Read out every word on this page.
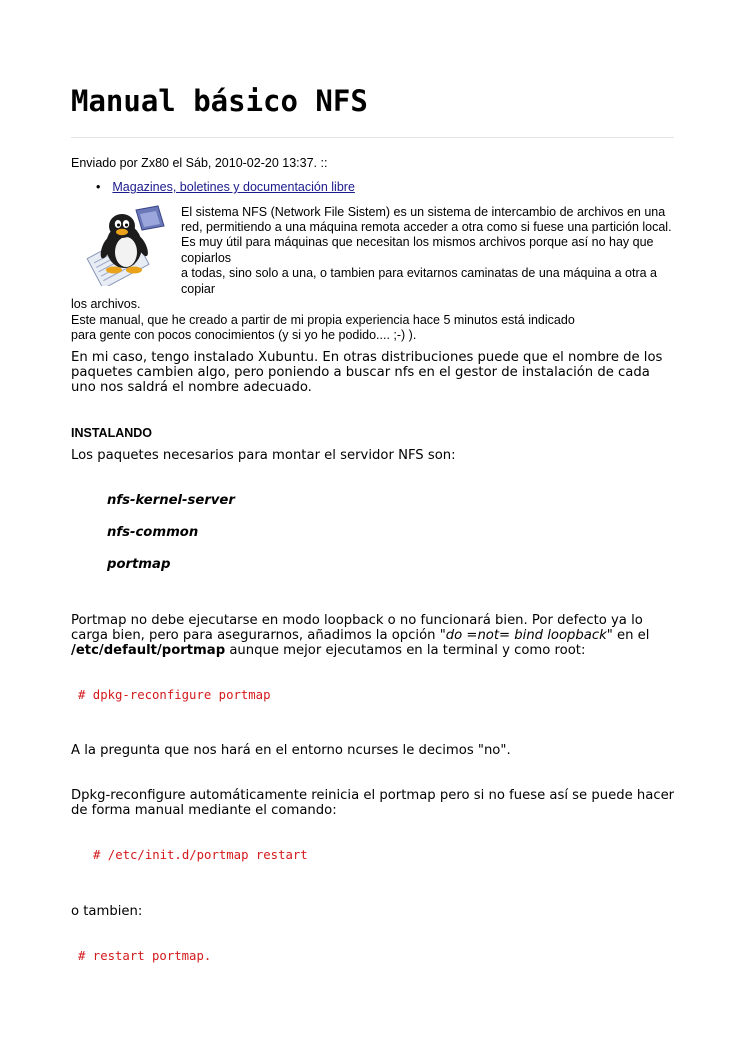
Manual básico NFS
Enviado por Zx80 el Sáb, 2010-02-20 13:37. ::
• Magazines, boletines y documentación libre
El sistema NFS (Network File Sistem) es un sistema de intercambio de archivos en una
red, permitiendo a una máquina remota acceder a otra como si fuese una partición local.
Es muy útil para máquinas que necesitan los mismos archivos porque así no hay que
copiarlos
a todas, sino solo a una, o tambien para evitarnos caminatas de una máquina a otra a
copiar
los archivos.
Este manual, que he creado a partir de mi propia experiencia hace 5 minutos está indicado
para gente con pocos conocimientos (y si yo he podido.... ;-) ).
En mi caso, tengo instalado Xubuntu. En otras distribuciones puede que el nombre de los paquetes cambien algo, pero poniendo a buscar nfs en el gestor de instalación de cada uno nos saldrá el nombre adecuado.
INSTALANDO
Los paquetes necesarios para montar el servidor NFS son:
nfs-kernel-server
nfs-common
portmap
Portmap no debe ejecutarse en modo loopback o no funcionará bien. Por defecto ya lo carga bien, pero para asegurarnos, añadimos la opción "do =not= bind loopback" en el /etc/default/portmap aunque mejor ejecutamos en la terminal y como root:
# dpkg-reconfigure portmap
A la pregunta que nos hará en el entorno ncurses le decimos "no".
Dpkg-reconfigure automáticamente reinicia el portmap pero si no fuese así se puede hacer de forma manual mediante el comando:
# /etc/init.d/portmap restart
o tambien:
# restart portmap.
